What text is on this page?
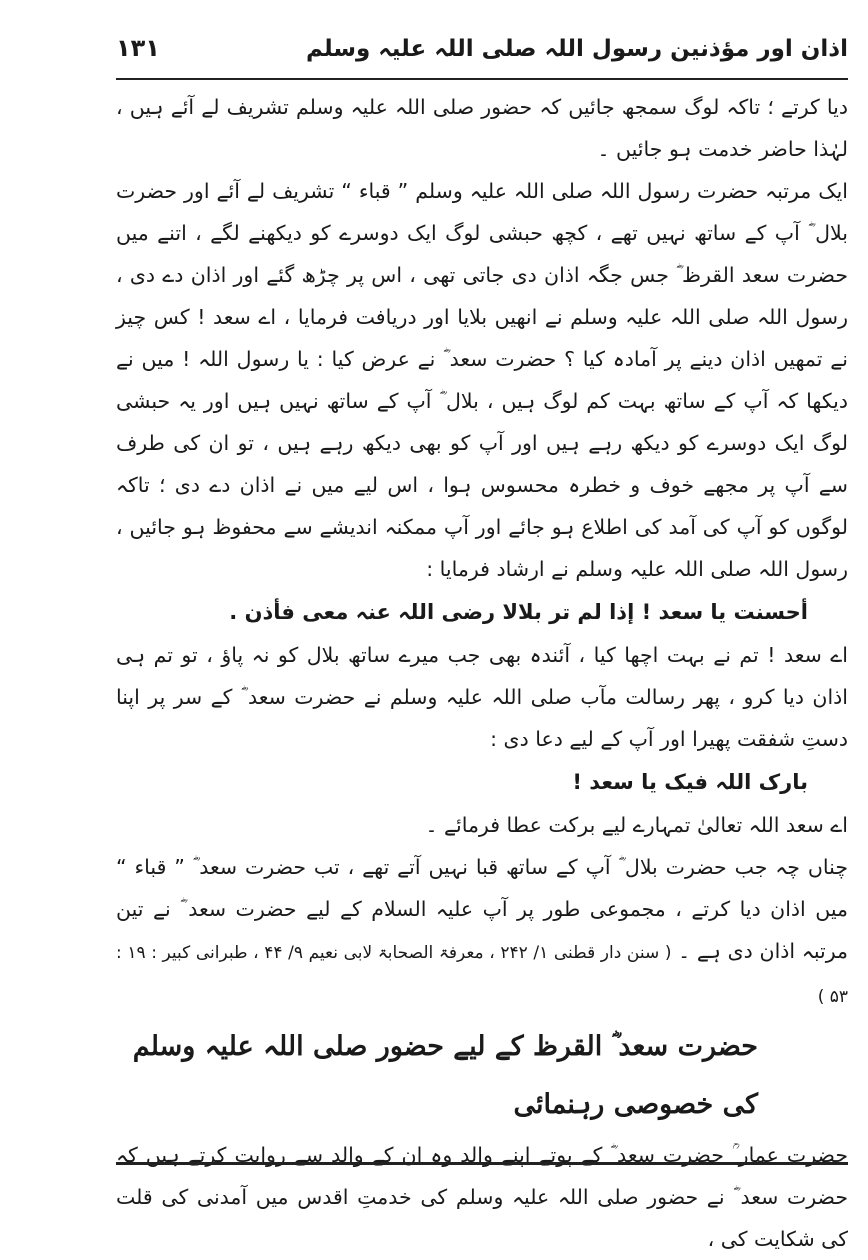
اذان اور مؤذنین رسول اللہ صلی اللہ علیہ وسلم
۱۳۱

دیا کرتے ؛ تاکہ لوگ سمجھ جائیں کہ حضور صلی اللہ علیہ وسلم تشریف لے آئے ہیں ، لہٰذا حاضر خدمت ہو جائیں ۔

ایک مرتبہ حضرت رسول اللہ صلی اللہ علیہ وسلم ” قباء “ تشریف لے آئے اور حضرت بلال ؓ آپ کے ساتھ نہیں تھے ، کچھ حبشی لوگ ایک دوسرے کو دیکھنے لگے ، اتنے میں حضرت سعد القرظ ؓ جس جگہ اذان دی جاتی تھی ، اس پر چڑھ گئے اور اذان دے دی ، رسول اللہ صلی اللہ علیہ وسلم نے انھیں بلایا اور دریافت فرمایا ، اے سعد ! کس چیز نے تمھیں اذان دینے پر آمادہ کیا ؟ حضرت سعد ؓ نے عرض کیا : یا رسول اللہ ! میں نے دیکھا کہ آپ کے ساتھ بہت کم لوگ ہیں ، بلال ؓ آپ کے ساتھ نہیں ہیں اور یہ حبشی لوگ ایک دوسرے کو دیکھ رہے ہیں اور آپ کو بھی دیکھ رہے ہیں ، تو ان کی طرف سے آپ پر مجھے خوف و خطرہ محسوس ہوا ، اس لیے میں نے اذان دے دی ؛ تاکہ لوگوں کو آپ کی آمد کی اطلاع ہو جائے اور آپ ممکنہ اندیشے سے محفوظ ہو جائیں ، رسول اللہ صلی اللہ علیہ وسلم نے ارشاد فرمایا :

أحسنت یا سعد ! إذا لم تر بلالا رضی اللہ عنہ معی فأذن .

اے سعد ! تم نے بہت اچھا کیا ، آئندہ بھی جب میرے ساتھ بلال کو نہ پاؤ ، تو تم ہی اذان دیا کرو ، پھر رسالت مآب صلی اللہ علیہ وسلم نے حضرت سعد ؓ کے سر پر اپنا دستِ شفقت پھیرا اور آپ کے لیے دعا دی :

بارک اللہ فیک یا سعد !

اے سعد اللہ تعالیٰ تمہارے لیے برکت عطا فرمائے ۔

چناں چہ جب حضرت بلال ؓ آپ کے ساتھ قبا نہیں آتے تھے ، تب حضرت سعد ؓ ” قباء “ میں اذان دیا کرتے ، مجموعی طور پر آپ علیہ السلام کے لیے حضرت سعد ؓ نے تین مرتبہ اذان دی ہے ۔ ( سنن دار قطنی ۱/ ۲۴۲ ، معرفۃ الصحابۃ لابی نعیم ۹/ ۴۴ ، طبرانی کبیر : ۱۹ : ۵۳ )

حضرت سعد ؓ القرظ کے لیے حضور صلی اللہ علیہ وسلم کی خصوصی رہنمائی

حضرت عمار ؒ حضرت سعد ؓ کے پوتے اپنے والد وہ ان کے والد سے روایت کرتے ہیں کہ حضرت سعد ؓ نے حضور صلی اللہ علیہ وسلم کی خدمتِ اقدس میں آمدنی کی قلت کی شکایت کی ،
